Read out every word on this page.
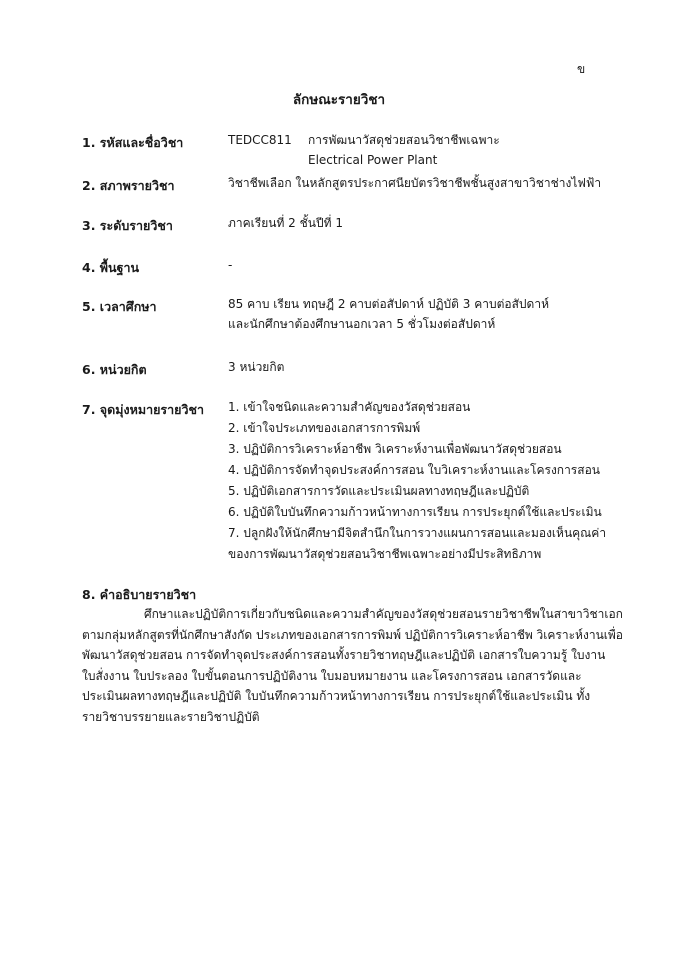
ข
ลักษณะรายวิชา
1. รหัสและชื่อวิชา	TEDCC811 การพัฒนาวัสดุช่วยสอนวิชาชีพเฉพาะ
Electrical Power Plant
2. สภาพรายวิชา	วิชาชีพเลือก ในหลักสูตรประกาศนียบัตรวิชาชีพชั้นสูงสาขาวิชาช่างไฟฟ้า
3. ระดับรายวิชา	ภาคเรียนที่ 2 ชั้นปีที่ 1
4. พื้นฐาน	-
5. เวลาศึกษา	85 คาบ เรียน ทฤษฎี 2 คาบต่อสัปดาห์ ปฏิบัติ 3 คาบต่อสัปดาห์
และนักศึกษาต้องศึกษานอกเวลา 5 ชั่วโมงต่อสัปดาห์
6. หน่วยกิต	3 หน่วยกิต
7. จุดมุ่งหมายรายวิชา 1. เข้าใจชนิดและความสำคัญของวัสดุช่วยสอน
2. เข้าใจประเภทของเอกสารการพิมพ์
3. ปฏิบัติการวิเคราะห์อาชีพ วิเคราะห์งานเพื่อพัฒนาวัสดุช่วยสอน
4. ปฏิบัติการจัดทำจุดประสงค์การสอน ใบวิเคราะห์งานและโครงการสอน
5. ปฏิบัติเอกสารการวัดและประเมินผลทางทฤษฎีและปฏิบัติ
6. ปฏิบัติใบบันทึกความก้าวหน้าทางการเรียน การประยุกต์ใช้และประเมิน
7. ปลูกฝังให้นักศึกษามีจิตสำนึกในการวางแผนการสอนและมองเห็นคุณค่า
ของการพัฒนาวัสดุช่วยสอนวิชาชีพเฉพาะอย่างมีประสิทธิภาพ
8. คำอธิบายรายวิชา
ศึกษาและปฏิบัติการเกี่ยวกับชนิดและความสำคัญของวัสดุช่วยสอนรายวิชาชีพในสาขาวิชาเอก
ตามกลุ่มหลักสูตรที่นักศึกษาสังกัด ประเภทของเอกสารการพิมพ์ ปฏิบัติการวิเคราะห์อาชีพ วิเคราะห์งานเพื่อ
พัฒนาวัสดุช่วยสอน การจัดทำจุดประสงค์การสอนทั้งรายวิชาทฤษฎีและปฏิบัติ เอกสารใบความรู้ ใบงาน
ใบสั่งงาน ใบประลอง ใบขั้นตอนการปฏิบัติงาน ใบมอบหมายงาน และโครงการสอน เอกสารวัดและ
ประเมินผลทางทฤษฎีและปฏิบัติ ใบบันทึกความก้าวหน้าทางการเรียน การประยุกต์ใช้และประเมิน ทั้ง
รายวิชาบรรยายและรายวิชาปฏิบัติ
